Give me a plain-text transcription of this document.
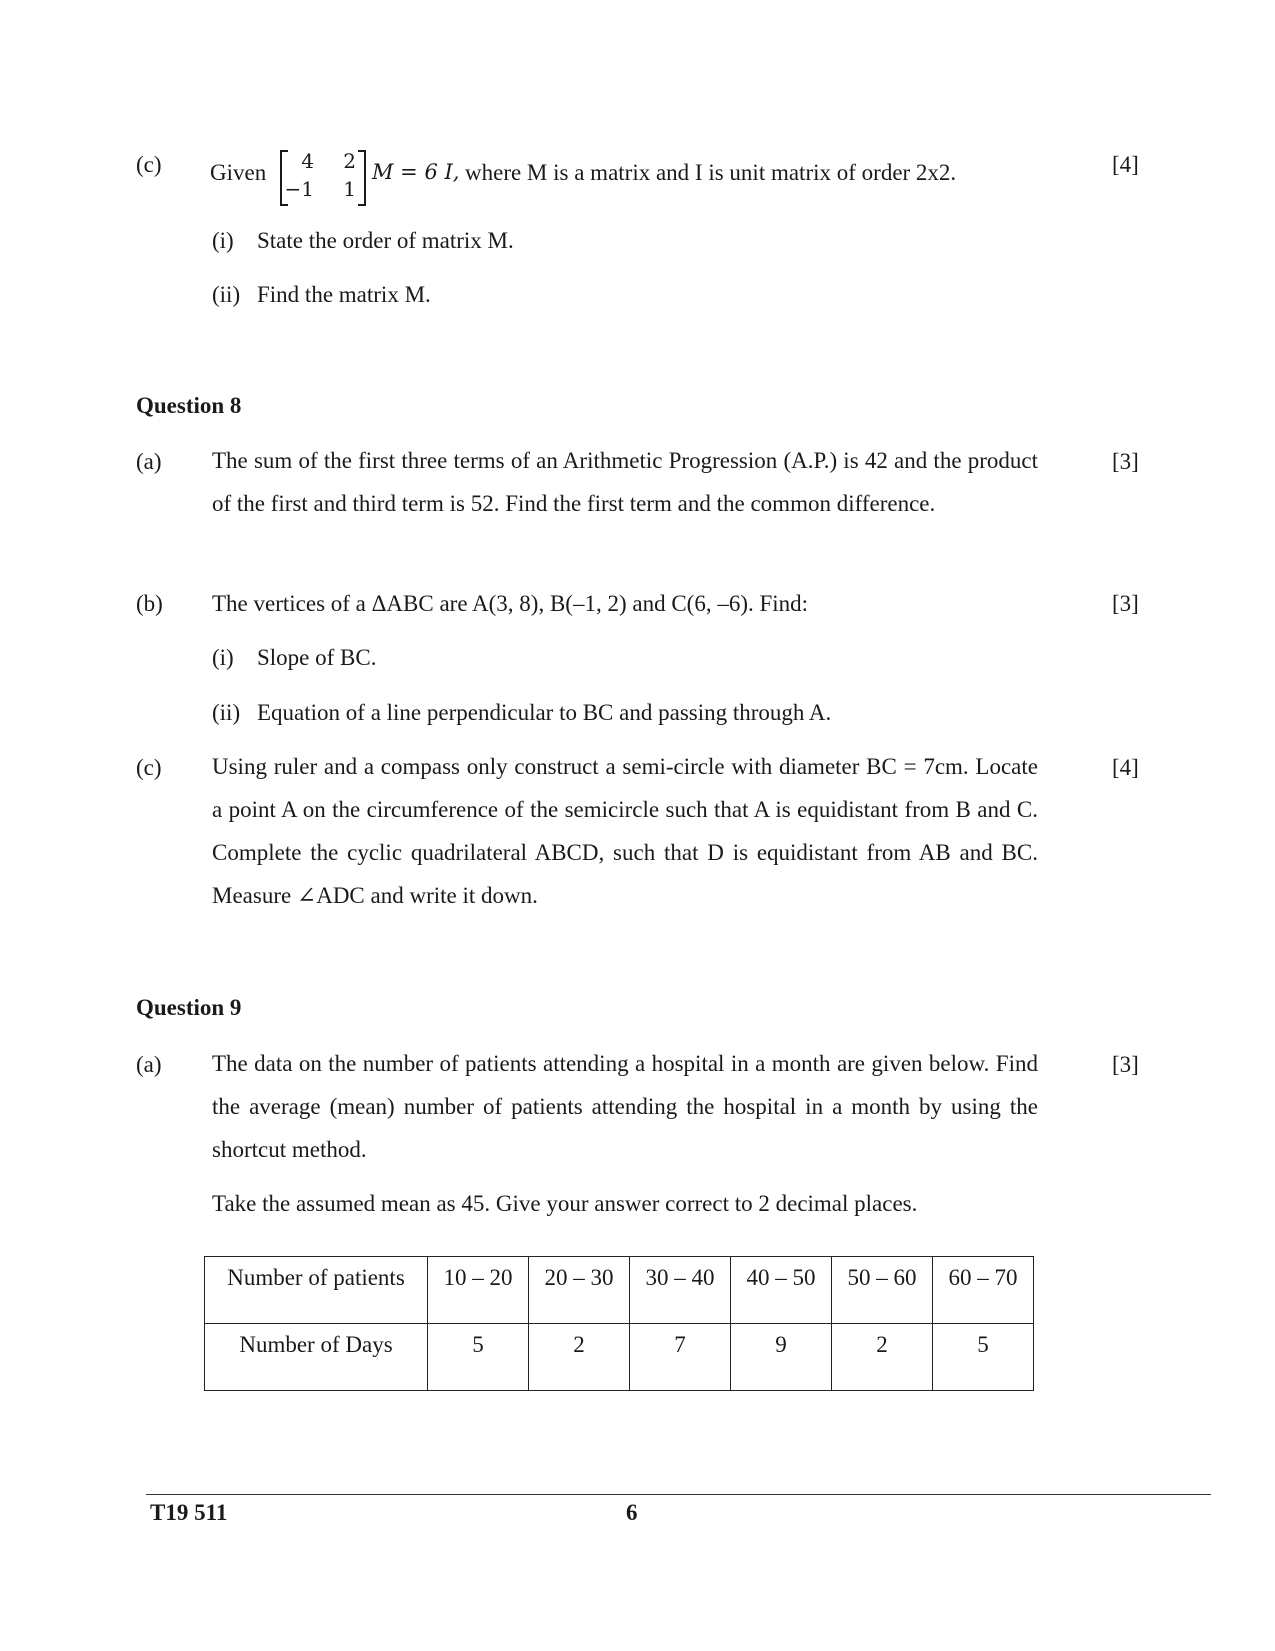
(c) Given	4	2
−1	1
M = 6 I, where M is a matrix and I is unit matrix of order 2x2.	[4]
(i) State the order of matrix M.
(ii) Find the matrix M.
Question 8
(a) The sum of the first three terms of an Arithmetic Progression (A.P.) is 42 and the product of the first and third term is 52. Find the first term and the common difference.
[3]
(b) The vertices of a ΔABC are A(3, 8), B(–1, 2) and C(6, –6). Find:	[3]
(i) Slope of BC.
(ii) Equation of a line perpendicular to BC and passing through A.
(c) Using ruler and a compass only construct a semi-circle with diameter BC = 7cm. Locate a point A on the circumference of the semicircle such that A is equidistant from B and C. Complete the cyclic quadrilateral ABCD, such that D is equidistant from AB and BC. Measure ∠ADC and write it down.
[4]
Question 9
(a) The data on the number of patients attending a hospital in a month are given below. Find the average (mean) number of patients attending the hospital in a month by using the shortcut method.
[3]
Take the assumed mean as 45. Give your answer correct to 2 decimal places.
Number of patients	10 – 20	20 – 30	30 – 40	40 – 50	50 – 60	60 – 70
Number of Days	5	2	7	9	2	5
T19 511	6
